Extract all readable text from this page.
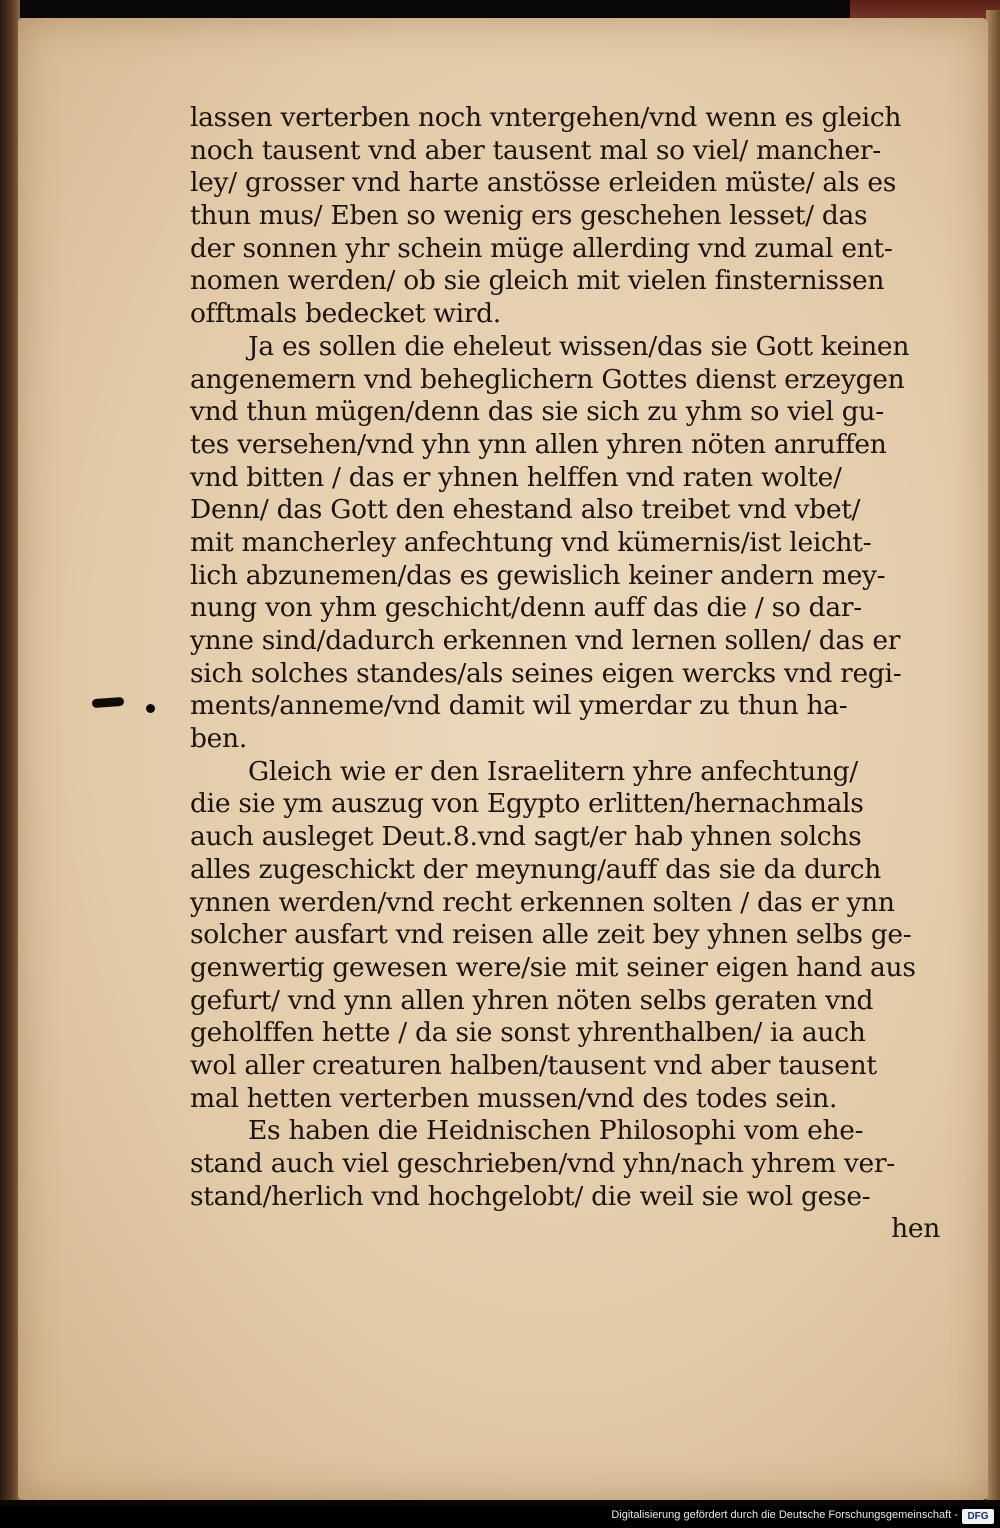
lassen verterben noch vntergehen/vnd wenn es gleich
noch tausent vnd aber tausent mal so viel/ mancher-
ley/ grosser vnd harte anstösse erleiden müste/ als es
thun mus/ Eben so wenig ers geschehen lesset/ das
der sonnen yhr schein müge allerding vnd zumal ent-
nomen werden/ ob sie gleich mit vielen finsternissen
offtmals bedecket wird.
Ja es sollen die eheleut wissen/das sie Gott keinen
angenemern vnd beheglichern Gottes dienst erzeygen
vnd thun mügen/denn das sie sich zu yhm so viel gu-
tes versehen/vnd yhn ynn allen yhren nöten anruffen
vnd bitten / das er yhnen helffen vnd raten wolte/
Denn/ das Gott den ehestand also treibet vnd vbet/
mit mancherley anfechtung vnd kümernis/ist leicht-
lich abzunemen/das es gewislich keiner andern mey-
nung von yhm geschicht/denn auff das die / so dar-
ynne sind/dadurch erkennen vnd lernen sollen/ das er
sich solches standes/als seines eigen wercks vnd regi-
ments/anneme/vnd damit wil ymerdar zu thun ha-
ben.
Gleich wie er den Israelitern yhre anfechtung/
die sie ym auszug von Egypto erlitten/hernachmals
auch ausleget Deut.8.vnd sagt/er hab yhnen solchs
alles zugeschickt der meynung/auff das sie da durch
ynnen werden/vnd recht erkennen solten / das er ynn
solcher ausfart vnd reisen alle zeit bey yhnen selbs ge-
genwertig gewesen were/sie mit seiner eigen hand aus
gefurt/ vnd ynn allen yhren nöten selbs geraten vnd
geholffen hette / da sie sonst yhrenthalben/ ia auch
wol aller creaturen halben/tausent vnd aber tausent
mal hetten verterben mussen/vnd des todes sein.
Es haben die Heidnischen Philosophi vom ehe-
stand auch viel geschrieben/vnd yhn/nach yhrem ver-
stand/herlich vnd hochgelobt/ die weil sie wol gese-
hen
Digitalisierung gefördert durch die Deutsche Forschungsgemeinschaft - DFG
